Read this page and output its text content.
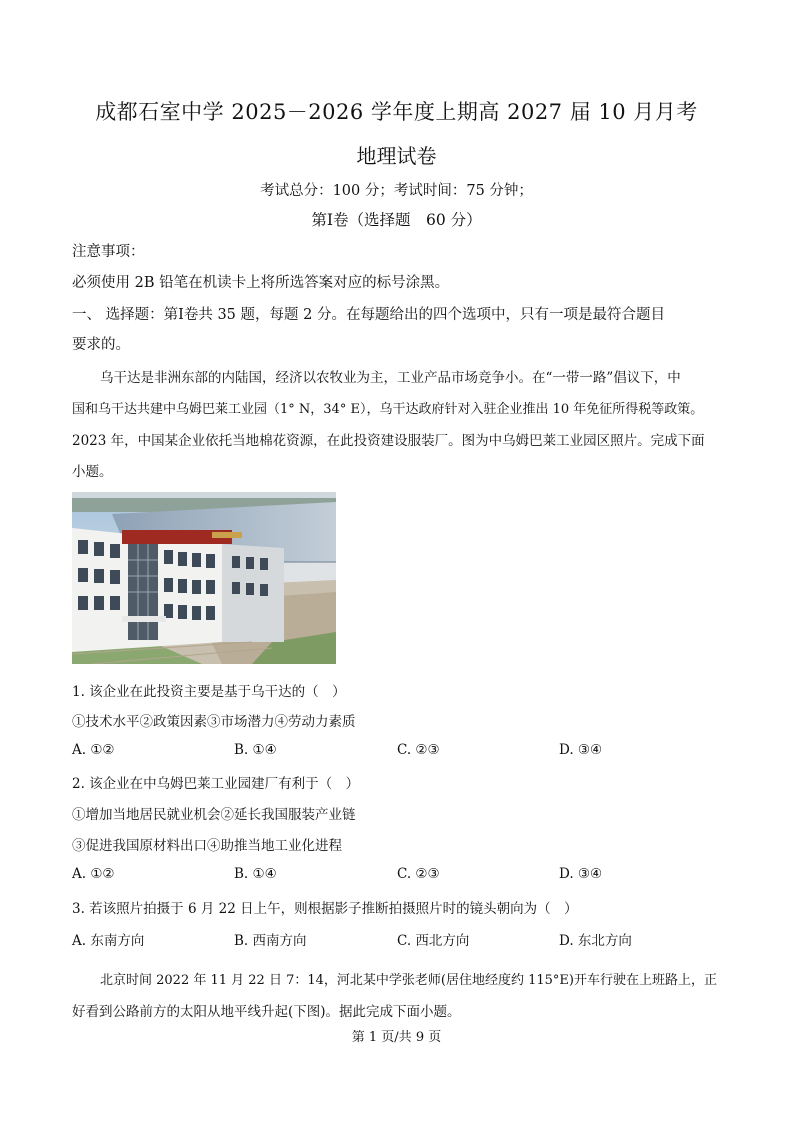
成都石室中学 2025－2026 学年度上期高 2027 届 10 月月考
地理试卷
考试总分：100 分；考试时间：75 分钟；
第Ⅰ卷（选择题　60 分）
注意事项：
必须使用 2B 铅笔在机读卡上将所选答案对应的标号涂黑。
一、 选择题：第Ⅰ卷共 35 题，每题 2 分。在每题给出的四个选项中，只有一项是最符合题目
要求的。
乌干达是非洲东部的内陆国，经济以农牧业为主，工业产品市场竞争小。在“一带一路”倡议下，中
国和乌干达共建中乌姆巴莱工业园（1° N，34° E），乌干达政府针对入驻企业推出 10 年免征所得税等政策。
2023 年，中国某企业依托当地棉花资源，在此投资建设服装厂。图为中乌姆巴莱工业园区照片。完成下面
小题。
1. 该企业在此投资主要是基于乌干达的（　）
①技术水平②政策因素③市场潜力④劳动力素质
A. ①②	B. ①④	C. ②③	D. ③④
2. 该企业在中乌姆巴莱工业园建厂有利于（　）
①增加当地居民就业机会②延长我国服装产业链
③促进我国原材料出口④助推当地工业化进程
A. ①②	B. ①④	C. ②③	D. ③④
3. 若该照片拍摄于 6 月 22 日上午，则根据影子推断拍摄照片时的镜头朝向为（　）
A. 东南方向	B. 西南方向	C. 西北方向	D. 东北方向
北京时间 2022 年 11 月 22 日 7：14，河北某中学张老师(居住地经度约 115°E)开车行驶在上班路上，正
好看到公路前方的太阳从地平线升起(下图)。据此完成下面小题。
第 1 页/共 9 页
